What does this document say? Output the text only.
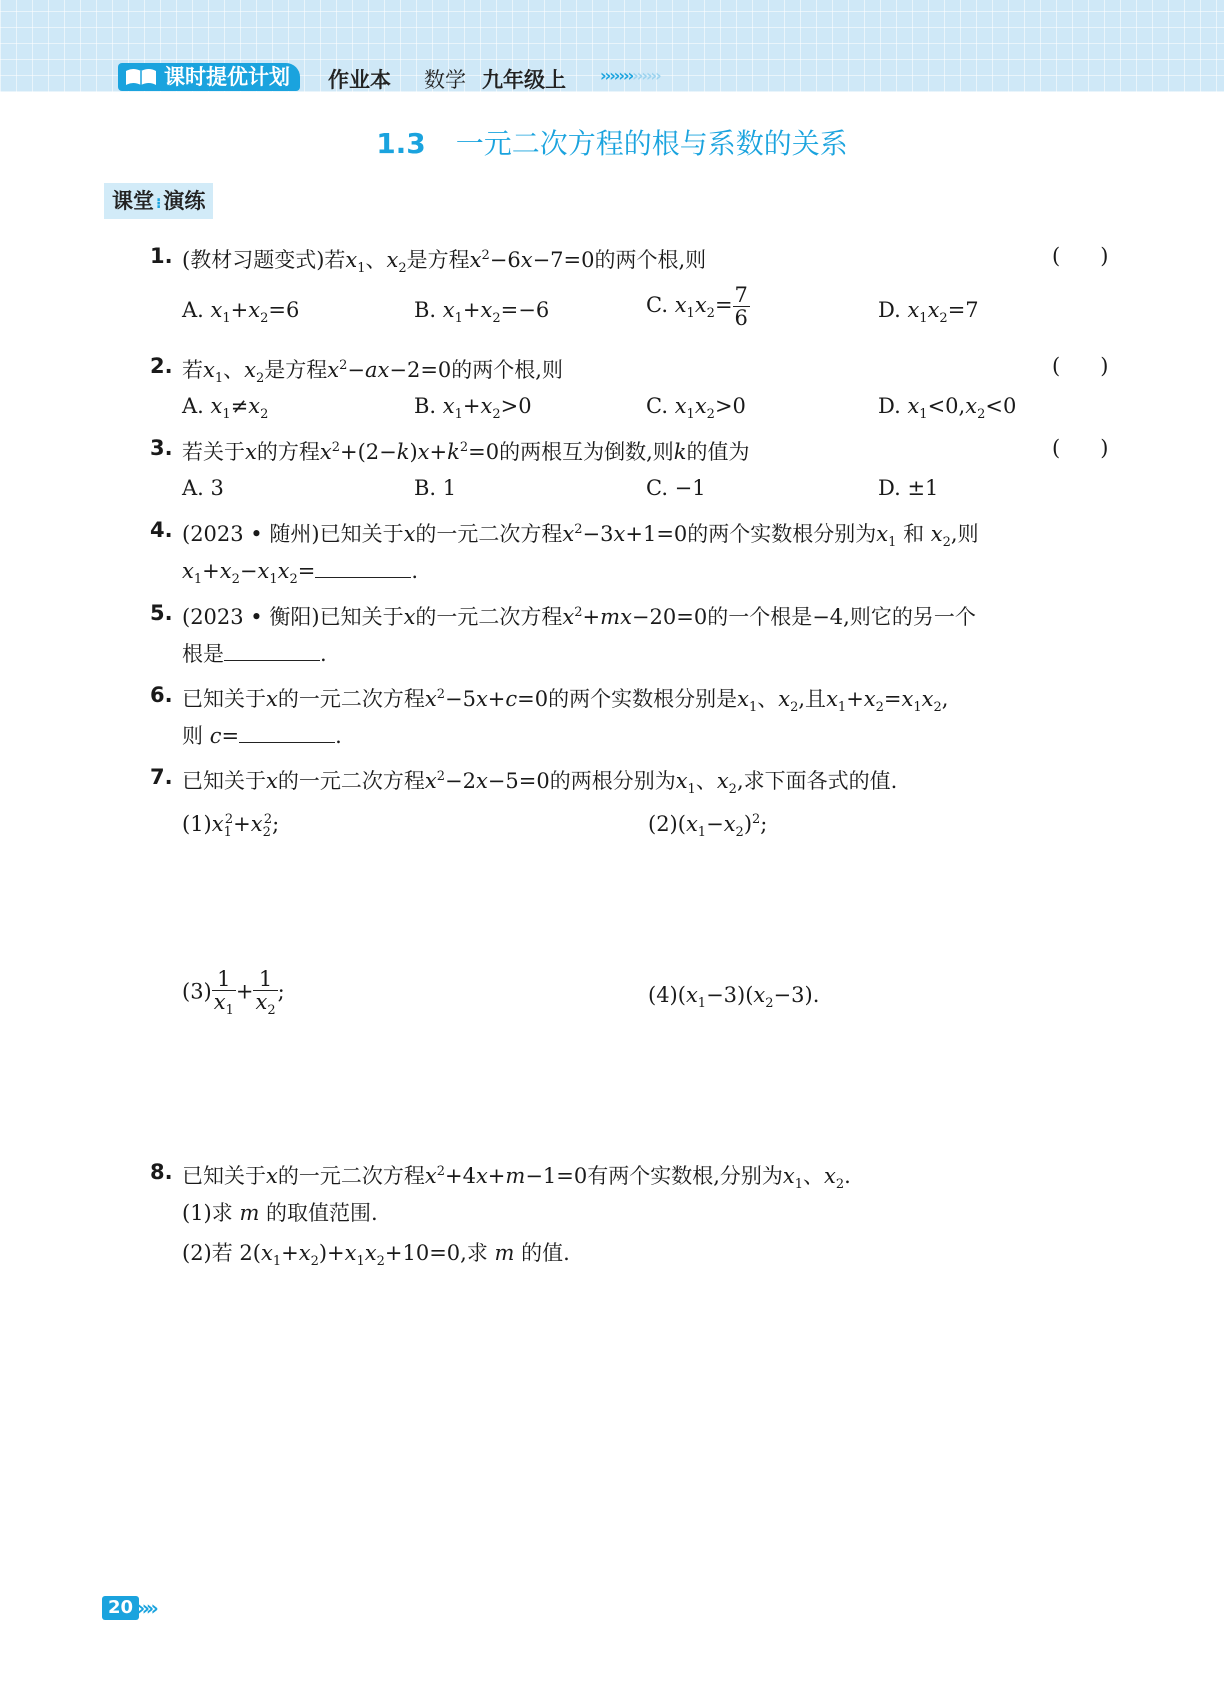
课时提优计划	作业本 数学 九年级上 ›››››››››››››
1.3 一元二次方程的根与系数的关系
课堂 ⁝演练
1. (教材习题变式)若$x_1$、$x_2$是方程$x^2-6x-7=0$的两个根,则	(      )
A. $x_1+x_2=6$	B. $x_1+x_2=-6$	C. $x_1x_2= \frac{7}{6}$	D. $x_1x_2=7$
2. 若$x_1$、$x_2$是方程$x^2-ax-2=0$的两个根,则	(      )
A. $x_1\ne x_2$	B. $x_1+x_2>0$	C. $x_1x_2>0$	D. $x_1<0,x_2<0$
3. 若关于x的方程$x^2+(2-k)x+k^2=0$的两根互为倒数,则k的值为	(      )
A. 3	B. 1	C. −1	D. ±1
4. (2023 • 随州)已知关于x的一元二次方程$x^2-3x+1=0$的两个实数根分别为$x_1$ 和 $x_2$,则
$x_1+x_2-x_1x_2=$	.
5. (2023 • 衡阳)已知关于x的一元二次方程$x^2+mx-20=0$的一个根是−4,则它的另一个
根是	.
6. 已知关于x的一元二次方程$x^2-5x+c=0$的两个实数根分别是$x_1$、$x_2$,且$x_1+x_2=x_1x_2$,
则 c=	.
7. 已知关于x的一元二次方程$x^2-2x-5=0$的两根分别为$x_1$、$x_2$,求下面各式的值.
$(1)x_1^2+x_2^2$;	$(2)(x_1-x_2)^2$;
$(3) \frac{1}{x_1} + \frac{1}{x_2}$ ;	$(4)(x_1-3)(x_2-3)$.
8. 已知关于x的一元二次方程$x^2+4x+m-1=0$有两个实数根,分别为$x_1$、$x_2$.
(1)求 m 的取值范围.
(2)若 $2(x_1+x_2)+x_1x_2+10=0$,求 m 的值.
20 »»
